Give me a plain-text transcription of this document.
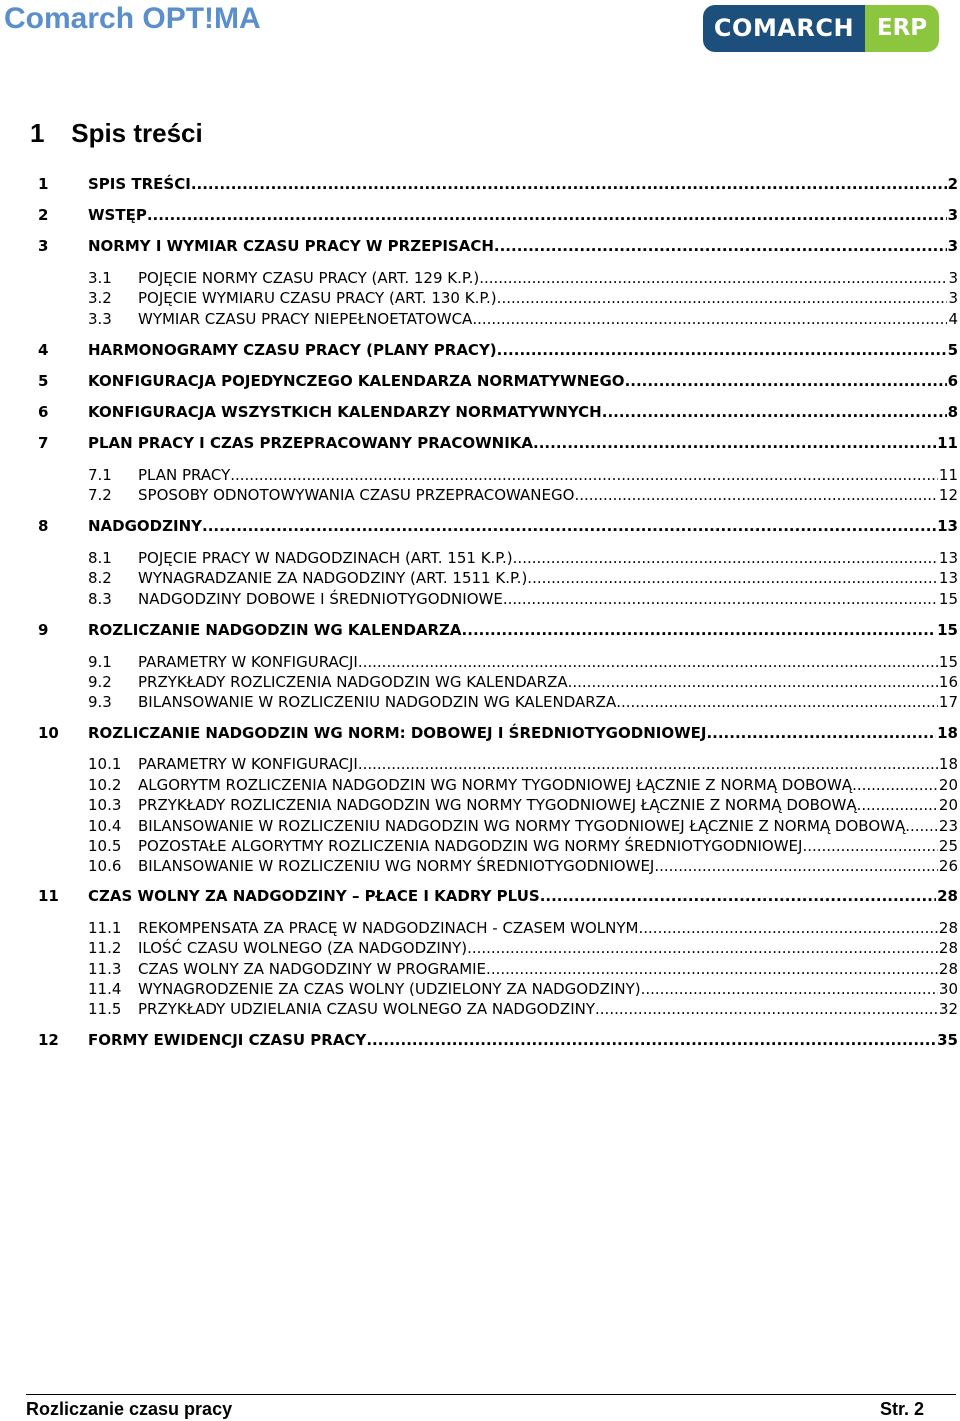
Comarch OPT!MA	COMARCH ERP
1 Spis treści
1	SPIS TREŚCI .....	2
2	WSTĘP .....	3
3	NORMY I WYMIAR CZASU PRACY W PRZEPISACH .....	3
3.1	POJĘCIE NORMY CZASU PRACY (ART. 129 K.P.) .....	3
3.2	POJĘCIE WYMIARU CZASU PRACY (ART. 130 K.P.) .....	3
3.3	WYMIAR CZASU PRACY NIEPEŁNOETATOWCA .....	4
4	HARMONOGRAMY CZASU PRACY (PLANY PRACY) .....	5
5	KONFIGURACJA POJEDYNCZEGO KALENDARZA NORMATYWNEGO .....	6
6	KONFIGURACJA WSZYSTKICH KALENDARZY NORMATYWNYCH .....	8
7	PLAN PRACY I CZAS PRZEPRACOWANY PRACOWNIKA .....	11
7.1	PLAN PRACY .....	11
7.2	SPOSOBY ODNOTOWYWANIA CZASU PRZEPRACOWANEGO .....	12
8	NADGODZINY .....	13
8.1	POJĘCIE PRACY W NADGODZINACH (ART. 151 K.P.) .....	13
8.2	WYNAGRADZANIE ZA NADGODZINY (ART. 1511 K.P.) .....	13
8.3	NADGODZINY DOBOWE I ŚREDNIOTYGODNIOWE .....	15
9	ROZLICZANIE NADGODZIN WG KALENDARZA .....	15
9.1	PARAMETRY W KONFIGURACJI .....	15
9.2	PRZYKŁADY ROZLICZENIA NADGODZIN WG KALENDARZA .....	16
9.3	BILANSOWANIE W ROZLICZENIU NADGODZIN WG KALENDARZA .....	17
10	ROZLICZANIE NADGODZIN WG NORM: DOBOWEJ I ŚREDNIOTYGODNIOWEJ .....	18
10.1	PARAMETRY W KONFIGURACJI .....	18
10.2	ALGORYTM ROZLICZENIA NADGODZIN WG NORMY TYGODNIOWEJ ŁĄCZNIE Z NORMĄ DOBOWĄ .....	20
10.3	PRZYKŁADY ROZLICZENIA NADGODZIN WG NORMY TYGODNIOWEJ ŁĄCZNIE Z NORMĄ DOBOWĄ .....	20
10.4	BILANSOWANIE W ROZLICZENIU NADGODZIN WG NORMY TYGODNIOWEJ ŁĄCZNIE Z NORMĄ DOBOWĄ ..... 23
10.5	POZOSTAŁE ALGORYTMY ROZLICZENIA NADGODZIN WG NORMY ŚREDNIOTYGODNIOWEJ .....	25
10.6	BILANSOWANIE W ROZLICZENIU WG NORMY ŚREDNIOTYGODNIOWEJ .....	26
11	CZAS WOLNY ZA NADGODZINY – PŁACE I KADRY PLUS .....	28
11.1	REKOMPENSATA ZA PRACĘ W NADGODZINACH - CZASEM WOLNYM .....	28
11.2	ILOŚĆ CZASU WOLNEGO (ZA NADGODZINY) .....	28
11.3	CZAS WOLNY ZA NADGODZINY W PROGRAMIE .....	28
11.4	WYNAGRODZENIE ZA CZAS WOLNY (UDZIELONY ZA NADGODZINY) .....	30
11.5	PRZYKŁADY UDZIELANIA CZASU WOLNEGO ZA NADGODZINY .....	32
12	FORMY EWIDENCJI CZASU PRACY .....	35
Rozliczanie czasu pracy	Str. 2
